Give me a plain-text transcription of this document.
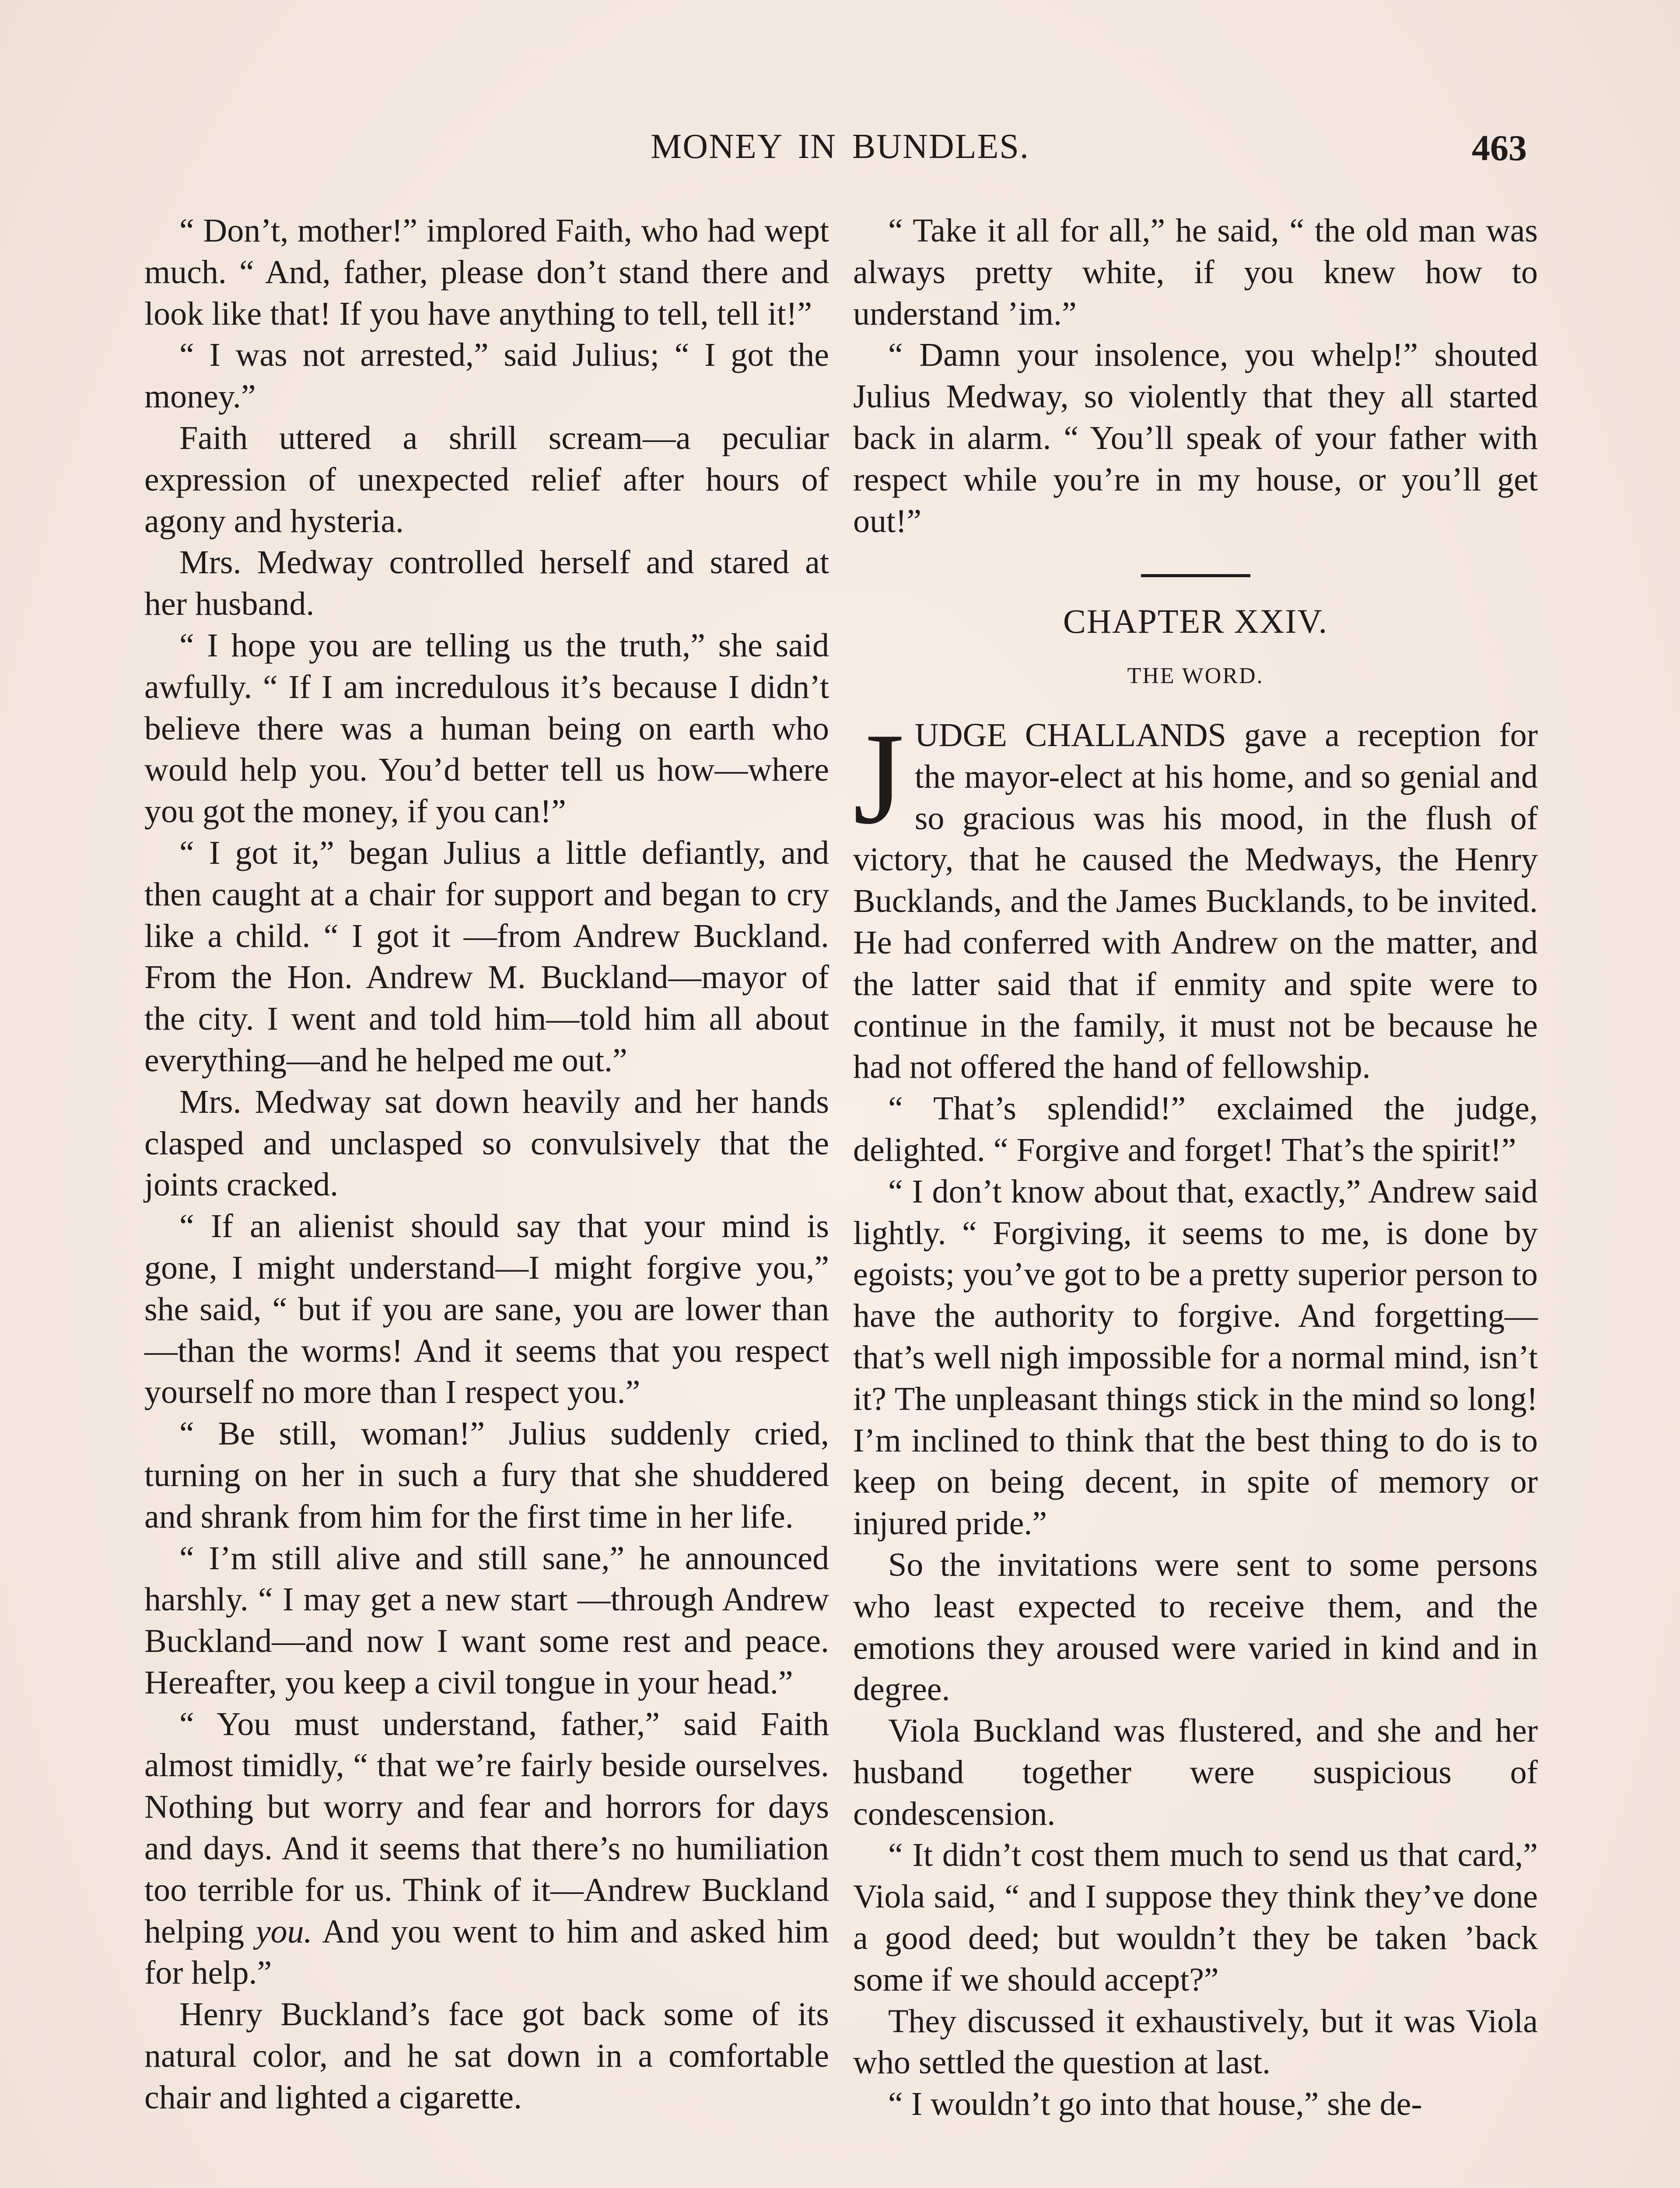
MONEY IN BUNDLES.	463

“ Don’t, mother!” implored Faith, who had wept much. “ And, father, please don’t stand there and look like that! If you have anything to tell, tell it!”

“ I was not arrested,” said Julius; “ I got the money.”

Faith uttered a shrill scream—a peculiar expression of unexpected relief after hours of agony and hysteria.

Mrs. Medway controlled herself and stared at her husband.

“ I hope you are telling us the truth,” she said awfully. “ If I am incredulous it’s because I didn’t believe there was a human being on earth who would help you. You’d better tell us how—where you got the money, if you can!”

“ I got it,” began Julius a little defiantly, and then caught at a chair for support and began to cry like a child. “ I got it —from Andrew Buckland. From the Hon. Andrew M. Buckland—mayor of the city. I went and told him—told him all about everything—and he helped me out.”

Mrs. Medway sat down heavily and her hands clasped and unclasped so convulsively that the joints cracked.

“ If an alienist should say that your mind is gone, I might understand—I might forgive you,” she said, “ but if you are sane, you are lower than—than the worms! And it seems that you respect yourself no more than I respect you.”

“ Be still, woman!” Julius suddenly cried, turning on her in such a fury that she shuddered and shrank from him for the first time in her life.

“ I’m still alive and still sane,” he announced harshly. “ I may get a new start —through Andrew Buckland—and now I want some rest and peace. Hereafter, you keep a civil tongue in your head.”

“ You must understand, father,” said Faith almost timidly, “ that we’re fairly beside ourselves. Nothing but worry and fear and horrors for days and days. And it seems that there’s no humiliation too terrible for us. Think of it—Andrew Buckland helping you. And you went to him and asked him for help.”

Henry Buckland’s face got back some of its natural color, and he sat down in a comfortable chair and lighted a cigarette.

“ Take it all for all,” he said, “ the old man was always pretty white, if you knew how to understand ’im.”

“ Damn your insolence, you whelp!” shouted Julius Medway, so violently that they all started back in alarm. “ You’ll speak of your father with respect while you’re in my house, or you’ll get out!”

CHAPTER XXIV.
THE WORD.

JUDGE CHALLANDS gave a reception for the mayor-elect at his home, and so genial and so gracious was his mood, in the flush of victory, that he caused the Medways, the Henry Bucklands, and the James Bucklands, to be invited. He had conferred with Andrew on the matter, and the latter said that if enmity and spite were to continue in the family, it must not be because he had not offered the hand of fellowship.

“ That’s splendid!” exclaimed the judge, delighted. “ Forgive and forget! That’s the spirit!”

“ I don’t know about that, exactly,” Andrew said lightly. “ Forgiving, it seems to me, is done by egoists; you’ve got to be a pretty superior person to have the authority to forgive. And forgetting—that’s well nigh impossible for a normal mind, isn’t it? The unpleasant things stick in the mind so long! I’m inclined to think that the best thing to do is to keep on being decent, in spite of memory or injured pride.”

So the invitations were sent to some persons who least expected to receive them, and the emotions they aroused were varied in kind and in degree.

Viola Buckland was flustered, and she and her husband together were suspicious of condescension.

“ It didn’t cost them much to send us that card,” Viola said, “ and I suppose they think they’ve done a good deed; but wouldn’t they be taken ’back some if we should accept?”

They discussed it exhaustively, but it was Viola who settled the question at last.

“ I wouldn’t go into that house,” she de-
